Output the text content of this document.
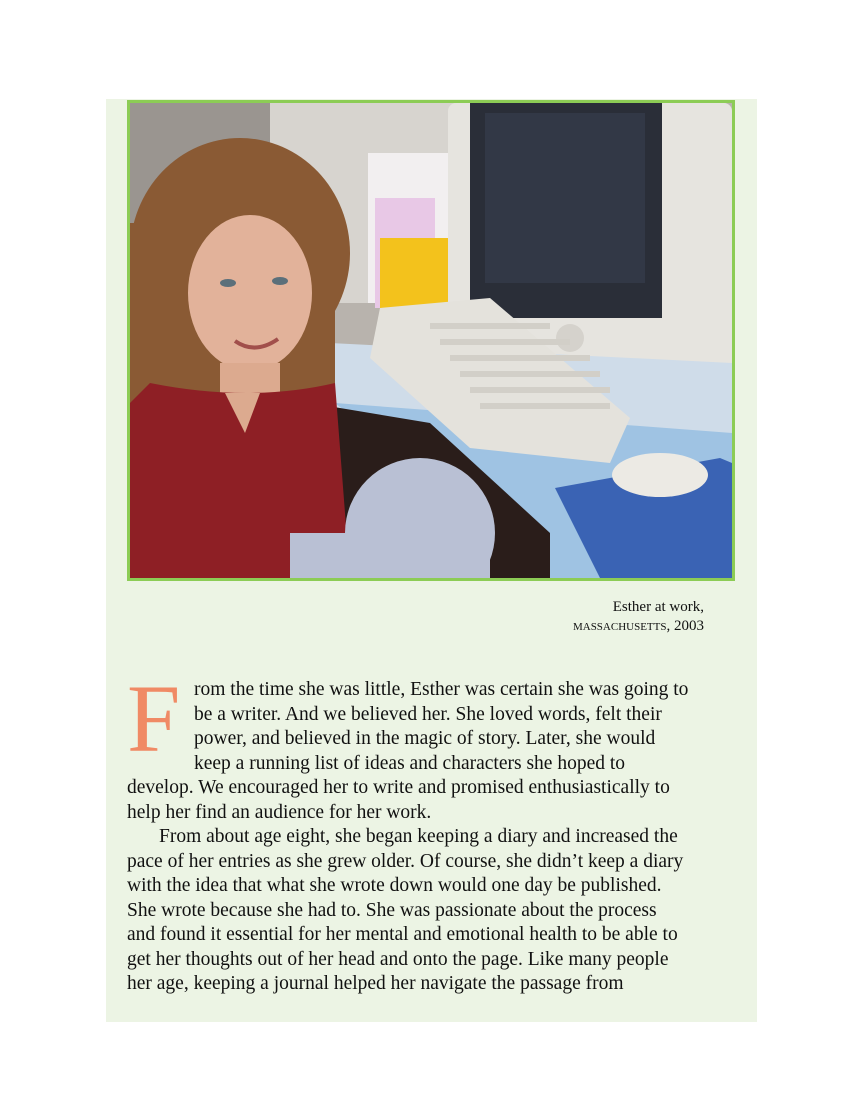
Esther at work,
massachusetts, 2003
F rom the time she was little, Esther was certain she was going to
be a writer. And we believed her. She loved words, felt their
power, and believed in the magic of story. Later, she would
keep a running list of ideas and characters she hoped to
develop. We encouraged her to write and promised enthusiastically to
help her find an audience for her work.
From about age eight, she began keeping a diary and increased the
pace of her entries as she grew older. Of course, she didn’t keep a diary
with the idea that what she wrote down would one day be published.
She wrote because she had to. She was passionate about the process
and found it essential for her mental and emotional health to be able to
get her thoughts out of her head and onto the page. Like many people
her age, keeping a journal helped her navigate the passage from
